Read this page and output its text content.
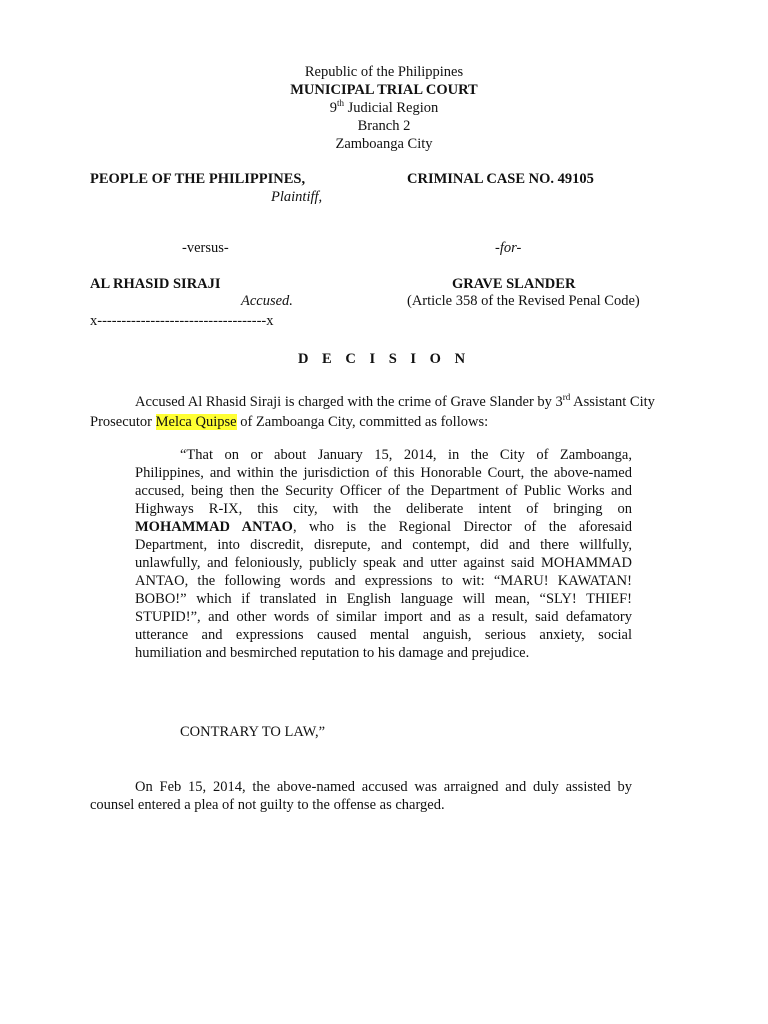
Republic of the Philippines
MUNICIPAL TRIAL COURT
9th Judicial Region
Branch 2
Zamboanga City
PEOPLE OF THE PHILIPPINES,
Plaintiff,
CRIMINAL CASE NO. 49105
-versus-	-for-
AL RHASID SIRAJI
Accused.
GRAVE SLANDER
(Article 358 of the Revised Penal Code)
x-----------------------------------x
D E C I S I O N
Accused Al Rhasid Siraji is charged with the crime of Grave Slander by 3rd Assistant City
Prosecutor Melca Quipse of Zamboanga City, committed as follows:
“That on or about January 15, 2014, in the City of Zamboanga,
Philippines, and within the jurisdiction of this Honorable Court, the above-named
accused, being then the Security Officer of the Department of Public Works and
Highways R-IX, this city, with the deliberate intent of bringing on
MOHAMMAD ANTAO, who is the Regional Director of the aforesaid
Department, into discredit, disrepute, and contempt, did and there willfully,
unlawfully, and feloniously, publicly speak and utter against said MOHAMMAD
ANTAO, the following words and expressions to wit: “MARU! KAWATAN!
BOBO!” which if translated in English language will mean, “SLY! THIEF!
STUPID!”, and other words of similar import and as a result, said defamatory
utterance and expressions caused mental anguish, serious anxiety, social
humiliation and besmirched reputation to his damage and prejudice.
CONTRARY TO LAW,”
On Feb 15, 2014, the above-named accused was arraigned and duly assisted by
counsel entered a plea of not guilty to the offense as charged.
